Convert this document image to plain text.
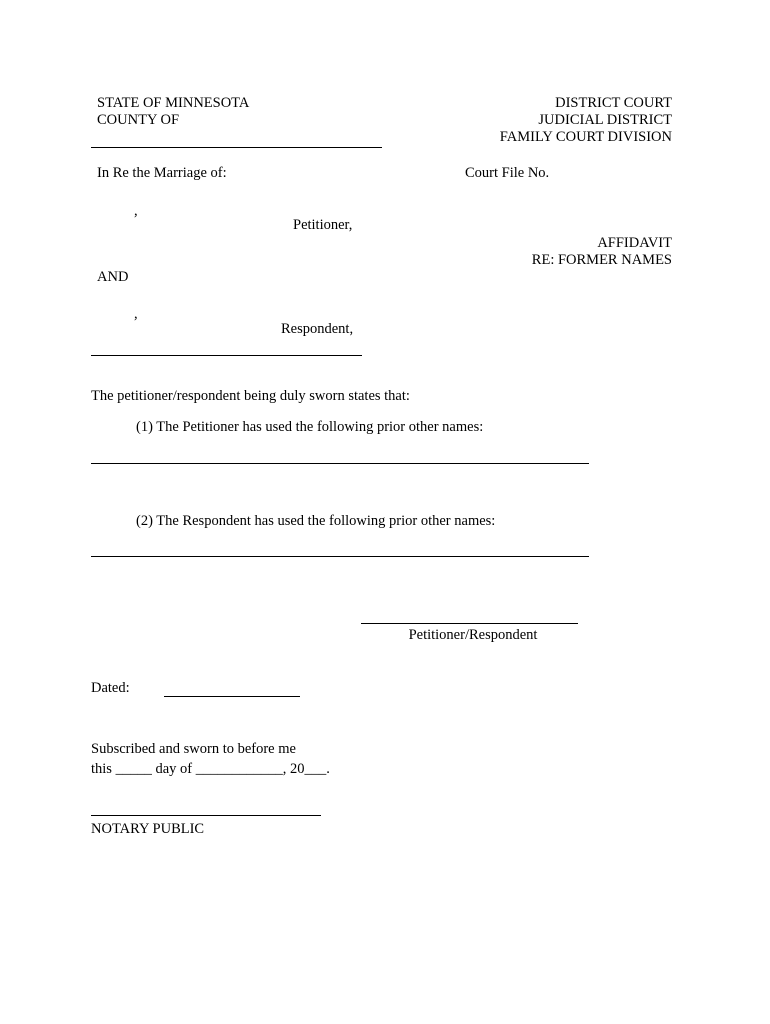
STATE OF MINNESOTA
COUNTY OF
DISTRICT COURT
JUDICIAL DISTRICT
FAMILY COURT DIVISION
In Re the Marriage of:	Court File No.
,
Petitioner,
AFFIDAVIT
RE: FORMER NAMES
AND
,
Respondent,
The petitioner/respondent being duly sworn states that:
(1) The Petitioner has used the following prior other names:
(2) The Respondent has used the following prior other names:
Petitioner/Respondent
Dated:
Subscribed and sworn to before me
this _____ day of ____________, 20___.
NOTARY PUBLIC
